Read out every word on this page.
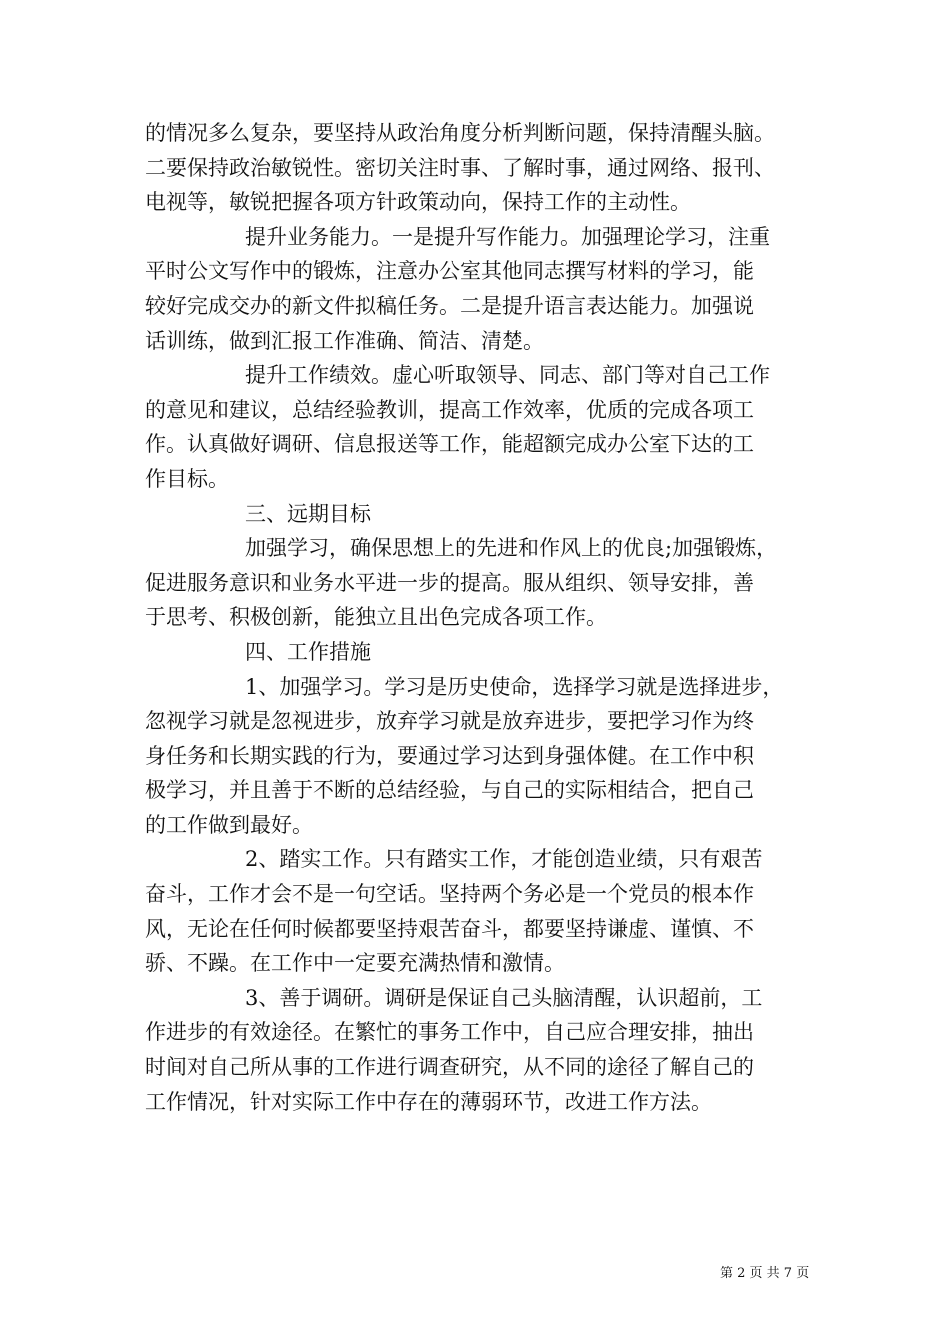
的情况多么复杂，要坚持从政治角度分析判断问题，保持清醒头脑。
二要保持政治敏锐性。密切关注时事、了解时事，通过网络、报刊、
电视等，敏锐把握各项方针政策动向，保持工作的主动性。
提升业务能力。一是提升写作能力。加强理论学习，注重
平时公文写作中的锻炼，注意办公室其他同志撰写材料的学习，能
较好完成交办的新文件拟稿任务。二是提升语言表达能力。加强说
话训练，做到汇报工作准确、简洁、清楚。
提升工作绩效。虚心听取领导、同志、部门等对自己工作
的意见和建议，总结经验教训，提高工作效率，优质的完成各项工
作。认真做好调研、信息报送等工作，能超额完成办公室下达的工
作目标。
三、远期目标
加强学习，确保思想上的先进和作风上的优良;加强锻炼，
促进服务意识和业务水平进一步的提高。服从组织、领导安排，善
于思考、积极创新，能独立且出色完成各项工作。
四、工作措施
1、加强学习。学习是历史使命，选择学习就是选择进步，
忽视学习就是忽视进步，放弃学习就是放弃进步，要把学习作为终
身任务和长期实践的行为，要通过学习达到身强体健。在工作中积
极学习，并且善于不断的总结经验，与自己的实际相结合，把自己
的工作做到最好。
2、踏实工作。只有踏实工作，才能创造业绩，只有艰苦
奋斗，工作才会不是一句空话。坚持两个务必是一个党员的根本作
风，无论在任何时候都要坚持艰苦奋斗，都要坚持谦虚、谨慎、不
骄、不躁。在工作中一定要充满热情和激情。
3、善于调研。调研是保证自己头脑清醒，认识超前，工
作进步的有效途径。在繁忙的事务工作中，自己应合理安排，抽出
时间对自己所从事的工作进行调查研究，从不同的途径了解自己的
工作情况，针对实际工作中存在的薄弱环节，改进工作方法。
第 2 页 共 7 页
